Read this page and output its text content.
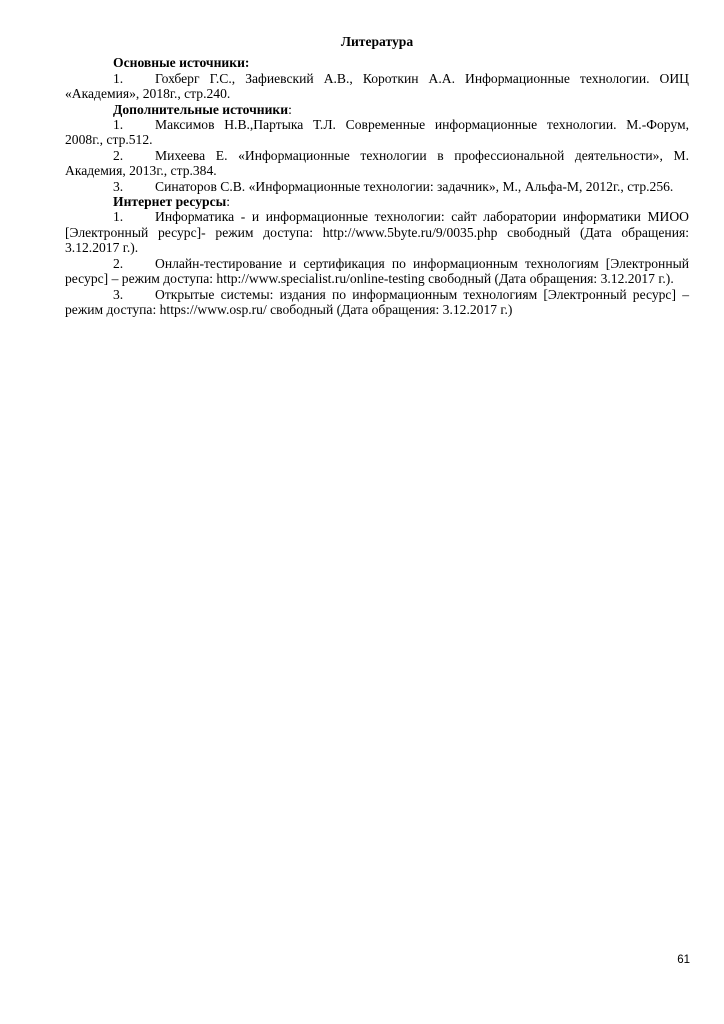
Литература

Основные источники:

1. Гохберг Г.С., Зафиевский А.В., Короткин А.А. Информационные технологии. ОИЦ «Академия», 2018г., стр.240.

Дополнительные источники:

1. Максимов Н.В.,Партыка Т.Л. Современные информационные технологии. М.-Форум, 2008г., стр.512.

2. Михеева Е. «Информационные технологии в профессиональной деятельности», М. Академия, 2013г., стр.384.

3. Синаторов С.В. «Информационные технологии: задачник», М., Альфа-М, 2012г., стр.256.

Интернет ресурсы:

1. Информатика - и информационные технологии: сайт лаборатории информатики МИОО [Электронный ресурс]- режим доступа: http://www.5byte.ru/9/0035.php свободный (Дата обращения: 3.12.2017 г.).

2. Онлайн-тестирование и сертификация по информационным технологиям [Электронный ресурс] – режим доступа: http://www.specialist.ru/online-testing свободный (Дата обращения: 3.12.2017 г.).

3. Открытые системы: издания по информационным технологиям [Электронный ресурс] – режим доступа: https://www.osp.ru/ свободный (Дата обращения: 3.12.2017 г.)

61
